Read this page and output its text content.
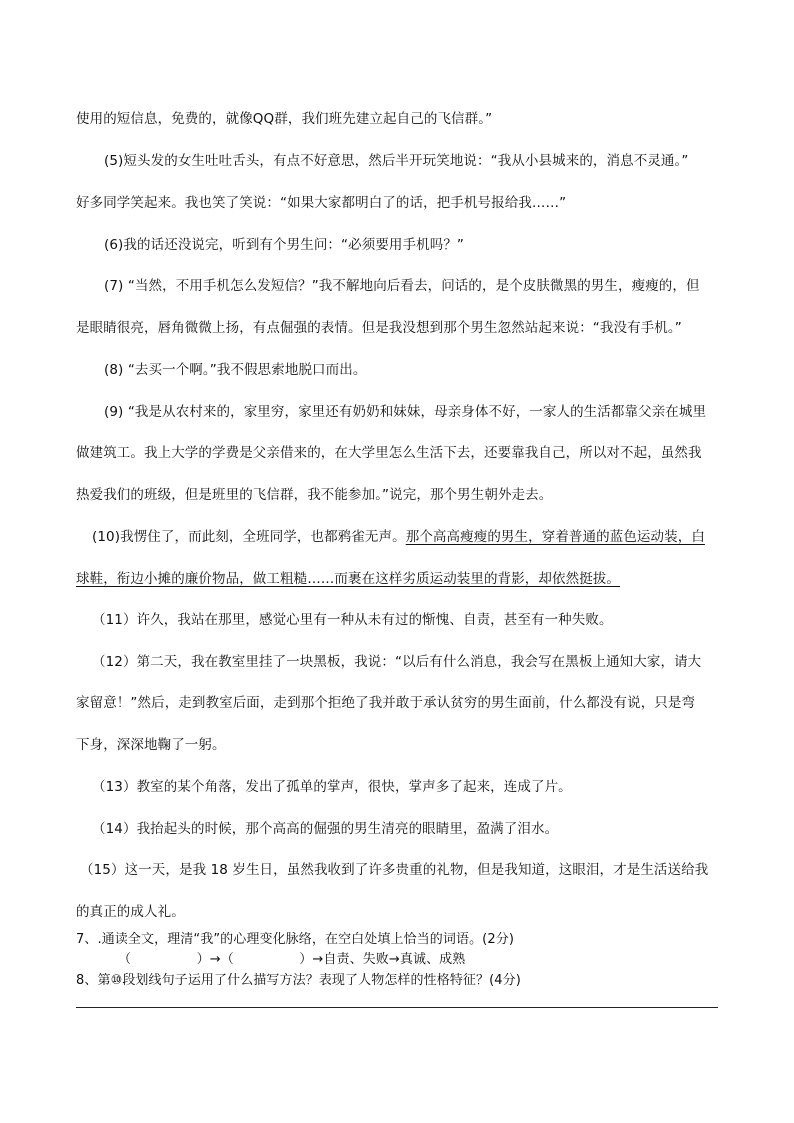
使用的短信息，免费的，就像QQ群，我们班先建立起自己的飞信群。”
(5)短头发的女生吐吐舌头，有点不好意思，然后半开玩笑地说：“我从小县城来的，消息不灵通。”
好多同学笑起来。我也笑了笑说：“如果大家都明白了的话，把手机号报给我……”
(6)我的话还没说完，听到有个男生问：“必须要用手机吗？”
(7) “当然，不用手机怎么发短信？”我不解地向后看去，问话的，是个皮肤微黑的男生，瘦瘦的，但
是眼睛很亮，唇角微微上扬，有点倔强的表情。但是我没想到那个男生忽然站起来说：“我没有手机。”
(8) “去买一个啊。”我不假思索地脱口而出。
(9) “我是从农村来的，家里穷，家里还有奶奶和妹妹，母亲身体不好，一家人的生活都靠父亲在城里
做建筑工。我上大学的学费是父亲借来的，在大学里怎么生活下去，还要靠我自己，所以对不起，虽然我
热爱我们的班级，但是班里的飞信群，我不能参加。”说完，那个男生朝外走去。
(10)我愣住了，而此刻，全班同学，也都鸦雀无声。那个高高瘦瘦的男生，穿着普通的蓝色运动装，白
球鞋，衔边小摊的廉价物品，做工粗糙……而裹在这样劣质运动装里的背影，却依然挺拔。
（11）许久，我站在那里，感觉心里有一种从未有过的惭愧、自责，甚至有一种失败。
（12）第二天，我在教室里挂了一块黑板，我说：“以后有什么消息，我会写在黑板上通知大家，请大
家留意！”然后，走到教室后面，走到那个拒绝了我并敢于承认贫穷的男生面前，什么都没有说，只是弯
下身，深深地鞠了一躬。
（13）教室的某个角落，发出了孤单的掌声，很快，掌声多了起来，连成了片。
（14）我抬起头的时候，那个高高的倔强的男生清亮的眼睛里，盈满了泪水。
（15）这一天，是我 18 岁生日，虽然我收到了许多贵重的礼物，但是我知道，这眼泪，才是生活送给我
的真正的成人礼。
7、.通读全文，理清“我”的心理变化脉络，在空白处填上恰当的词语。(2分)
（　　　　　）→（　　　　　）→自责、失败→真诚、成熟
8、第⑩段划线句子运用了什么描写方法？表现了人物怎样的性格特征？(4分)
